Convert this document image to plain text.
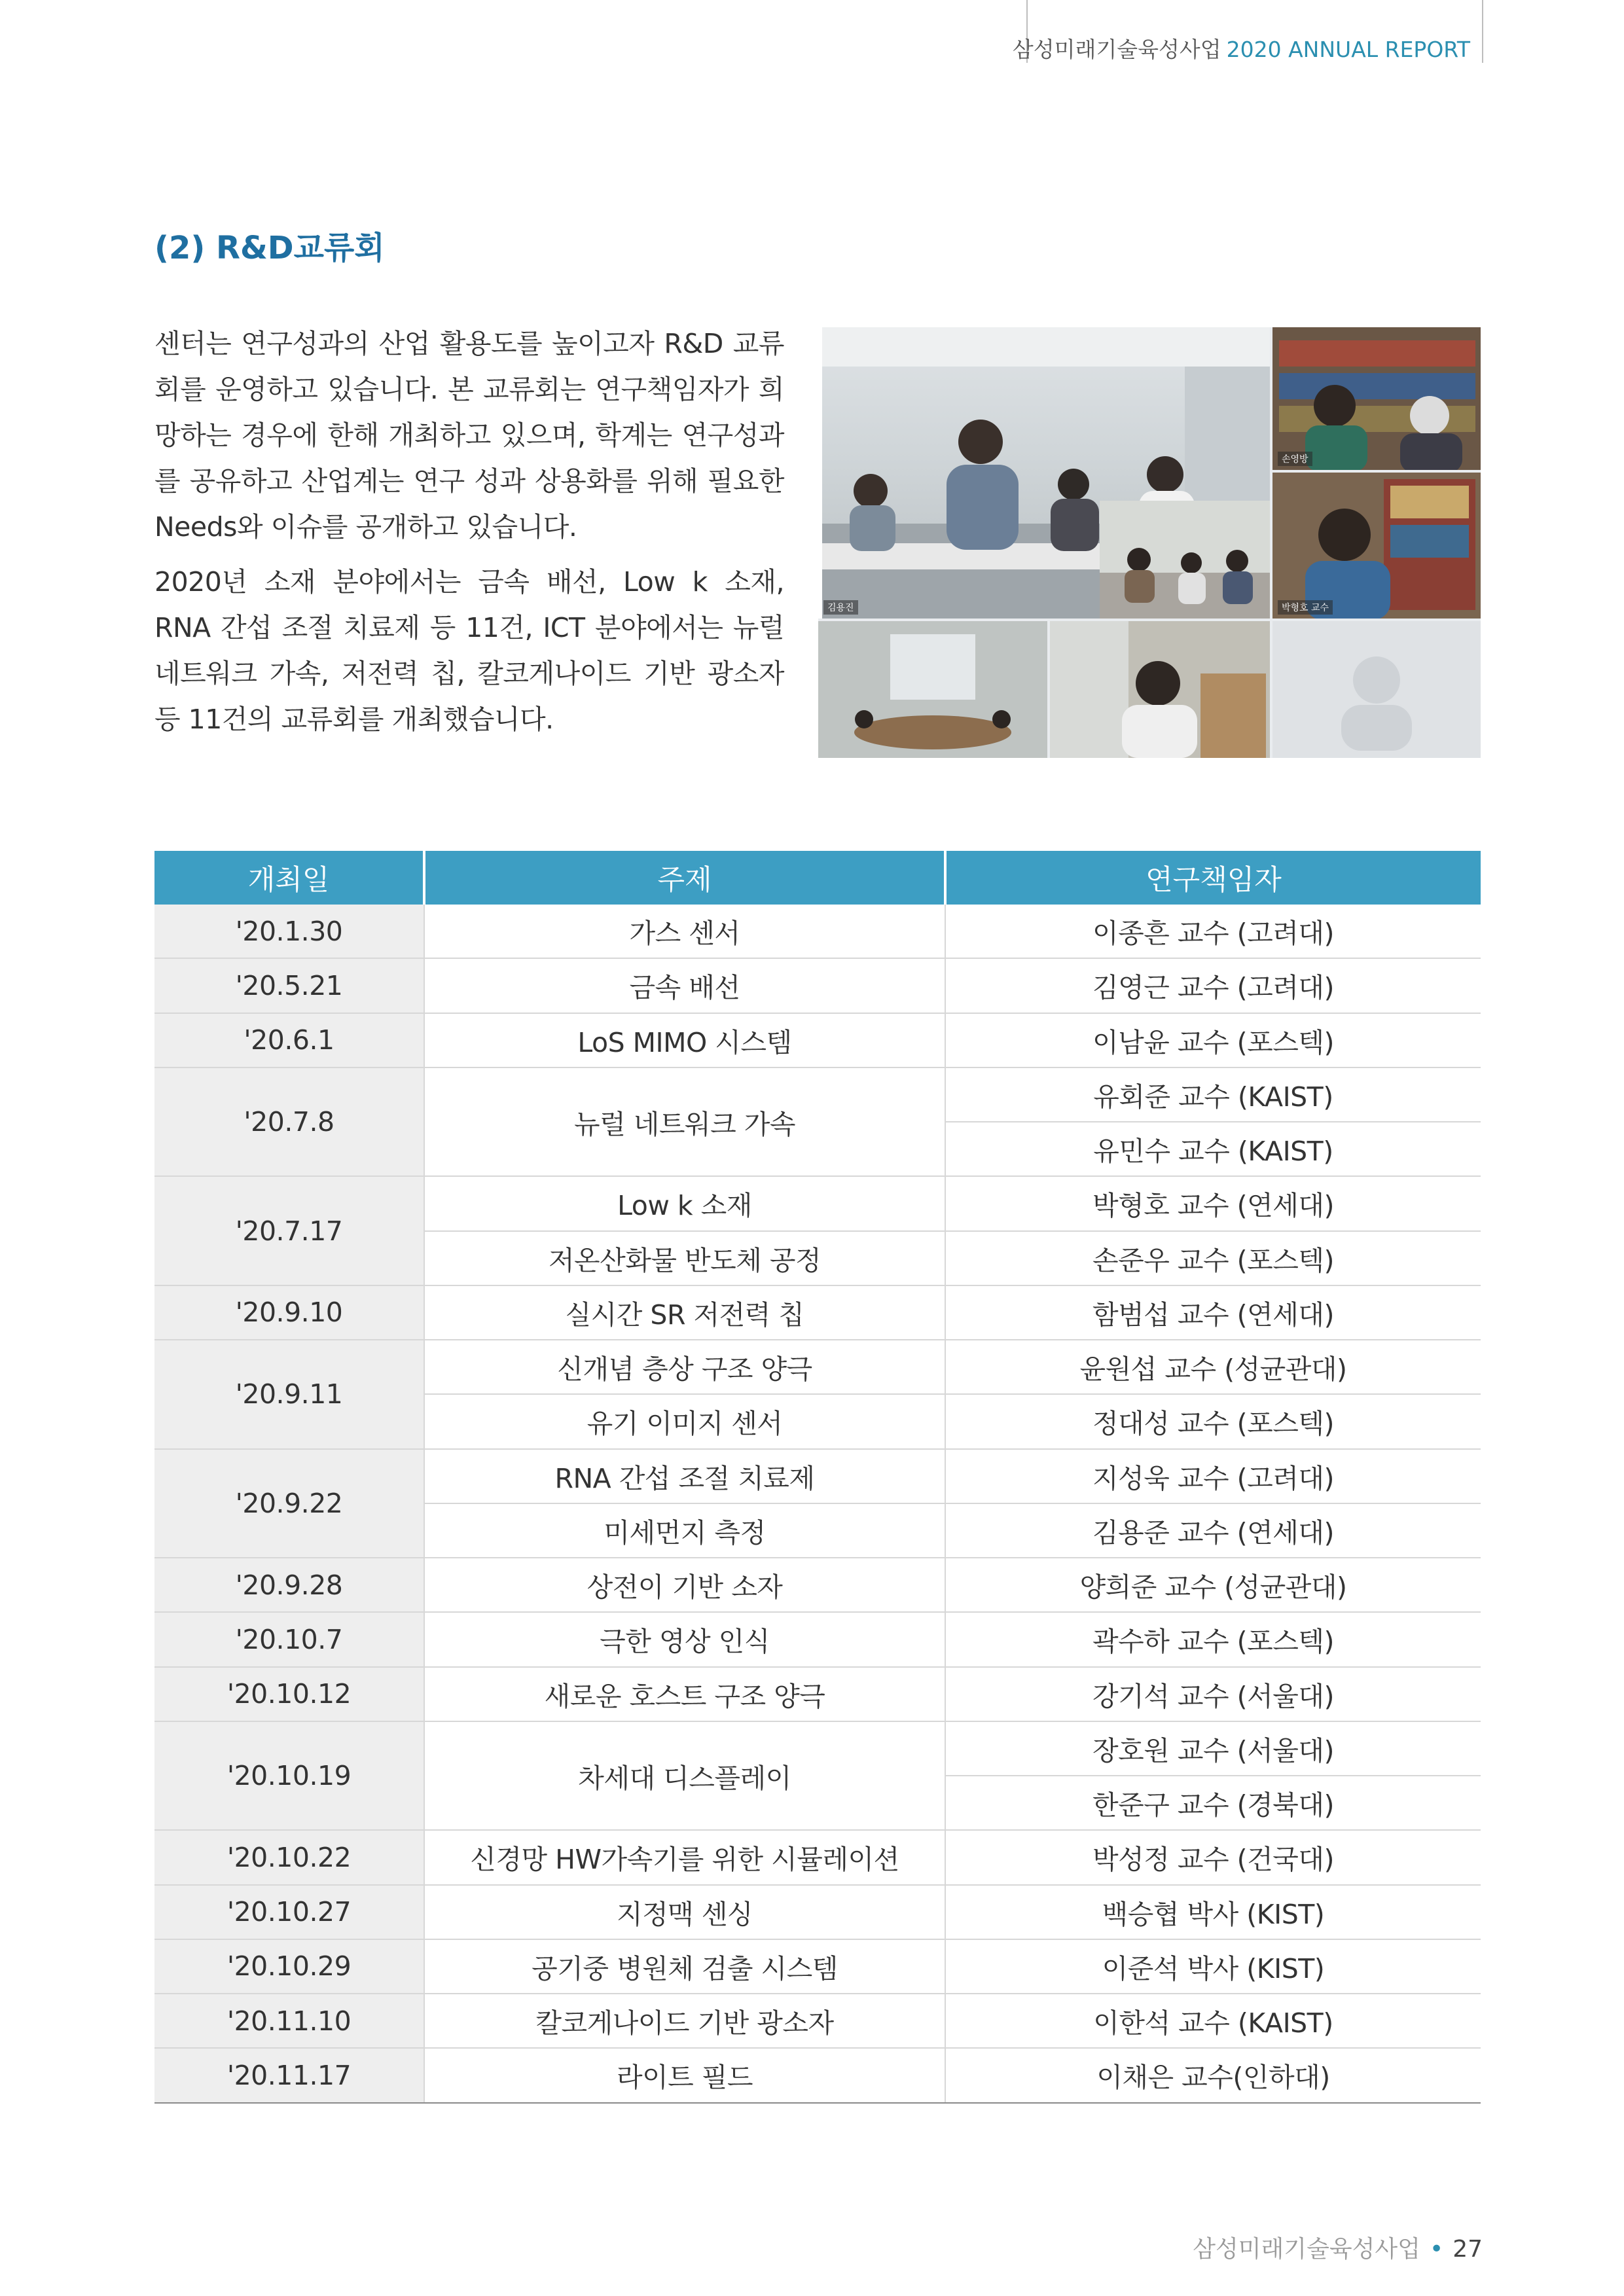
삼성미래기술육성사업 2020 ANNUAL REPORT
(2) R&D교류회

센터는 연구성과의 산업 활용도를 높이고자 R&D 교류회를 운영하고 있습니다. 본 교류회는 연구책임자가 희망하는 경우에 한해 개최하고 있으며, 학계는 연구성과를 공유하고 산업계는 연구 성과 상용화를 위해 필요한 Needs와 이슈를 공개하고 있습니다.

2020년 소재 분야에서는 금속 배선, Low k 소재, RNA 간섭 조절 치료제 등 11건, ICT 분야에서는 뉴럴 네트워크 가속, 저전력 칩, 칼코게나이드 기반 광소자 등 11건의 교류회를 개최했습니다.

김용진
손영방
박형호 교수
개최일	주제	연구책임자
'20.1.30	가스 센서	이종흔 교수 (고려대)
'20.5.21	금속 배선	김영근 교수 (고려대)
'20.6.1	LoS MIMO 시스템	이남윤 교수 (포스텍)
'20.7.8	뉴럴 네트워크 가속	유회준 교수 (KAIST)
		유민수 교수 (KAIST)
'20.7.17	Low k 소재	박형호 교수 (연세대)
	저온산화물 반도체 공정	손준우 교수 (포스텍)
'20.9.10	실시간 SR 저전력 칩	함범섭 교수 (연세대)
'20.9.11	신개념 층상 구조 양극	윤원섭 교수 (성균관대)
	유기 이미지 센서	정대성 교수 (포스텍)
'20.9.22	RNA 간섭 조절 치료제	지성욱 교수 (고려대)
	미세먼지 측정	김용준 교수 (연세대)
'20.9.28	상전이 기반 소자	양희준 교수 (성균관대)
'20.10.7	극한 영상 인식	곽수하 교수 (포스텍)
'20.10.12	새로운 호스트 구조 양극	강기석 교수 (서울대)
'20.10.19	차세대 디스플레이	장호원 교수 (서울대)
		한준구 교수 (경북대)
'20.10.22	신경망 HW가속기를 위한 시뮬레이션	박성정 교수 (건국대)
'20.10.27	지정맥 센싱	백승협 박사 (KIST)
'20.10.29	공기중 병원체 검출 시스템	이준석 박사 (KIST)
'20.11.10	칼코게나이드 기반 광소자	이한석 교수 (KAIST)
'20.11.17	라이트 필드	이채은 교수(인하대)
삼성미래기술육성사업 • 27
